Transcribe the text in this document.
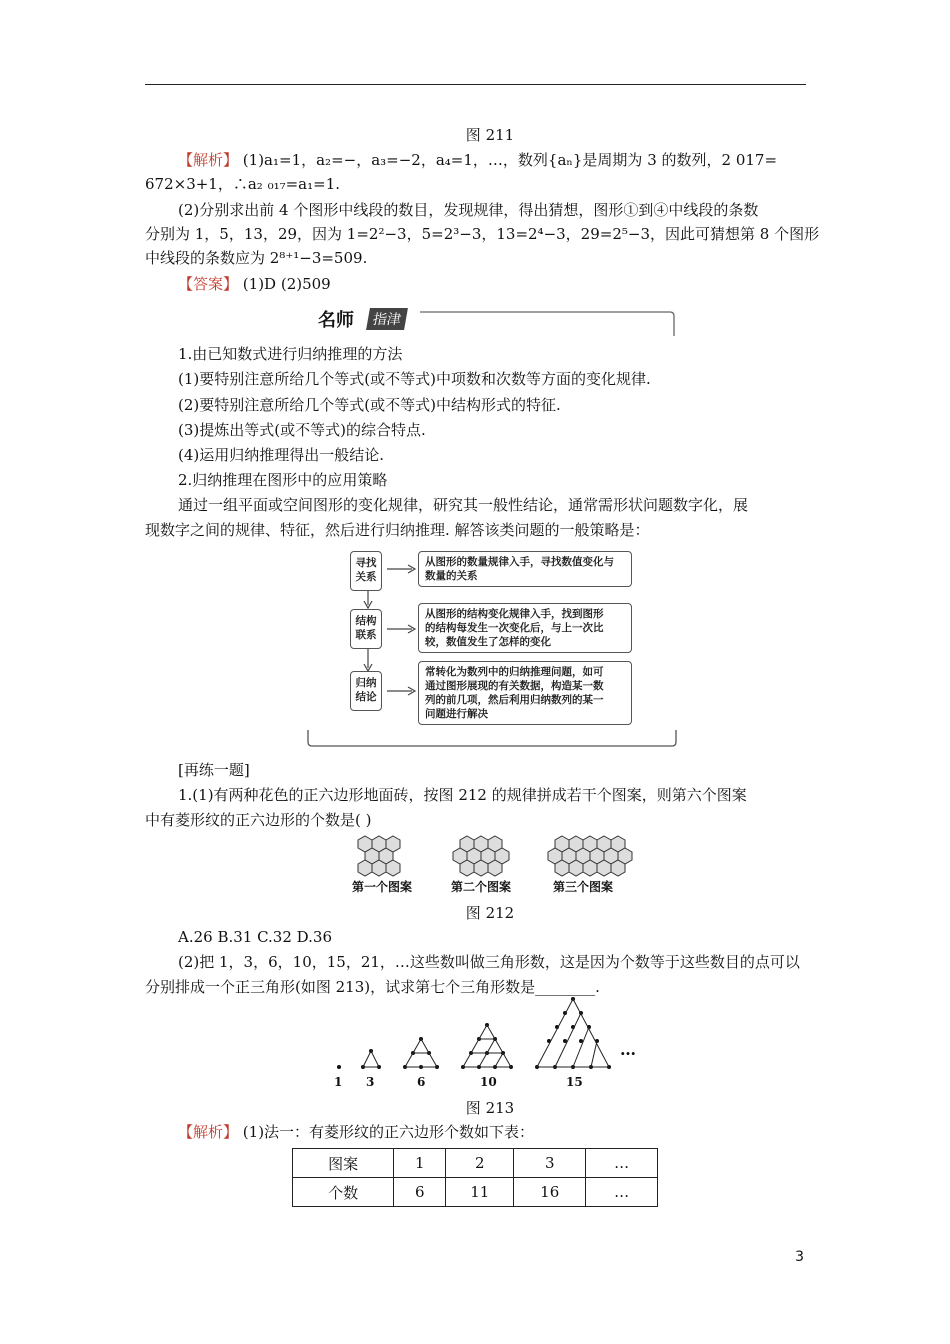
图 211
【解析】 (1)a₁=1，a₂=−，a₃=−2，a₄=1，…，数列{aₙ}是周期为 3 的数列，2 017=
672×3+1，∴a₂ ₀₁₇=a₁=1.
(2)分别求出前 4 个图形中线段的数目，发现规律，得出猜想，图形①到④中线段的条数
分别为 1，5，13，29，因为 1=2²−3，5=2³−3，13=2⁴−3，29=2⁵−3，因此可猜想第 8 个图形
中线段的条数应为 2⁸⁺¹−3=509.
【答案】 (1)D (2)509
名师	指津
1.由已知数式进行归纳推理的方法
(1)要特别注意所给几个等式(或不等式)中项数和次数等方面的变化规律.
(2)要特别注意所给几个等式(或不等式)中结构形式的特征.
(3)提炼出等式(或不等式)的综合特点.
(4)运用归纳推理得出一般结论.
2.归纳推理在图形中的应用策略
通过一组平面或空间图形的变化规律，研究其一般性结论，通常需形状问题数字化，展
现数字之间的规律、特征，然后进行归纳推理. 解答该类问题的一般策略是：
寻找
关系
结构
联系
归纳
结论
从图形的数量规律入手，寻找数值变化与
数量的关系
从图形的结构变化规律入手，找到图形
的结构每发生一次变化后，与上一次比
较，数值发生了怎样的变化
常转化为数列中的归纳推理问题，如可
通过图形展现的有关数据，构造某一数
列的前几项，然后利用归纳数列的某一
问题进行解决
[再练一题]
1.(1)有两种花色的正六边形地面砖，按图 212 的规律拼成若干个图案，则第六个图案
中有菱形纹的正六边形的个数是( )
第一个图案	第二个图案	第三个图案
图 212
A.26 B.31 C.32 D.36
(2)把 1，3，6，10，15，21，…这些数叫做三角形数，这是因为个数等于这些数目的点可以
分别排成一个正三角形(如图 213)，试求第七个三角形数是________.
…
1 3	6	10	15
图 213
【解析】 (1)法一：有菱形纹的正六边形个数如下表：
图案	1	2	3	…
个数	6	11	16	…
3
